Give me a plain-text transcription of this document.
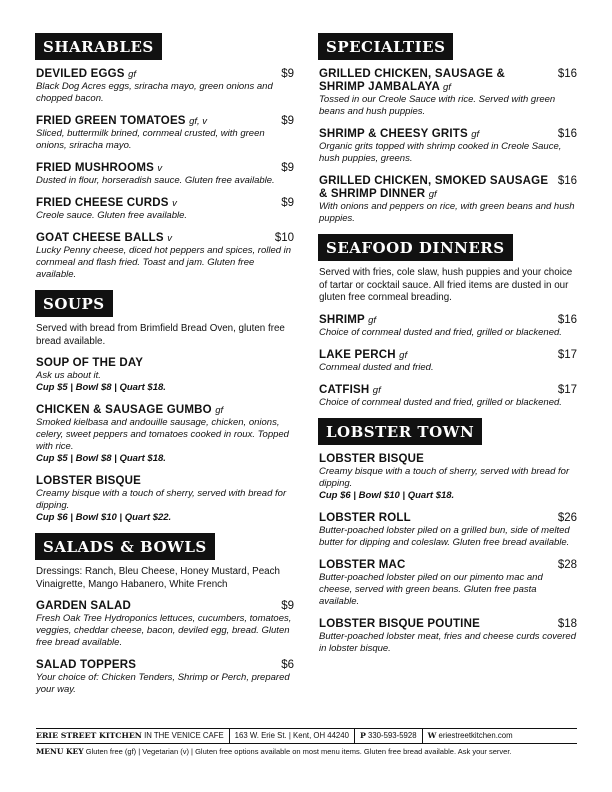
SHARABLES
DEVILED EGGS gf	$9
Black Dog Acres eggs, sriracha mayo, green onions and chopped bacon.
FRIED GREEN TOMATOES gf, v	$9
Sliced, buttermilk brined, cornmeal crusted, with green onions, sriracha mayo.
FRIED MUSHROOMS v	$9
Dusted in flour, horseradish sauce. Gluten free available.
FRIED CHEESE CURDS v	$9
Creole sauce. Gluten free available.
GOAT CHEESE BALLS v	$10
Lucky Penny cheese, diced hot peppers and spices, rolled in cornmeal and flash fried. Toast and jam. Gluten free available.
SOUPS
Served with bread from Brimfield Bread Oven, gluten free bread available.
SOUP OF THE DAY
Ask us about it.
Cup $5 | Bowl $8 | Quart $18.
CHICKEN & SAUSAGE GUMBO gf
Smoked kielbasa and andouille sausage, chicken, onions, celery, sweet peppers and tomatoes cooked in roux. Topped with rice.
Cup $5 | Bowl $8 | Quart $18.
LOBSTER BISQUE
Creamy bisque with a touch of sherry, served with bread for dipping.
Cup $6 | Bowl $10 | Quart $22.
SALADS & BOWLS
Dressings: Ranch, Bleu Cheese, Honey Mustard, Peach Vinaigrette, Mango Habanero, White French
GARDEN SALAD	$9
Fresh Oak Tree Hydroponics lettuces, cucumbers, tomatoes, veggies, cheddar cheese, bacon, deviled egg, bread. Gluten free bread available.
SALAD TOPPERS	$6
Your choice of: Chicken Tenders, Shrimp or Perch, prepared your way.
SPECIALTIES
GRILLED CHICKEN, SAUSAGE & SHRIMP JAMBALAYA gf
$16
Tossed in our Creole Sauce with rice. Served with green beans and hush puppies.
SHRIMP & CHEESY GRITS gf	$16
Organic grits topped with shrimp cooked in Creole Sauce, hush puppies, greens.
GRILLED CHICKEN, SMOKED SAUSAGE & SHRIMP DINNER gf
$16
With onions and peppers on rice, with green beans and hush puppies.
SEAFOOD DINNERS
Served with fries, cole slaw, hush puppies and your choice of tartar or cocktail sauce. All fried items are dusted in our gluten free cornmeal breading.
SHRIMP gf	$16
Choice of cornmeal dusted and fried, grilled or blackened.
LAKE PERCH gf	$17
Cornmeal dusted and fried.
CATFISH gf	$17
Choice of cornmeal dusted and fried, grilled or blackened.
LOBSTER TOWN
LOBSTER BISQUE
Creamy bisque with a touch of sherry, served with bread for dipping.
Cup $6 | Bowl $10 | Quart $18.
LOBSTER ROLL	$26
Butter-poached lobster piled on a grilled bun, side of melted butter for dipping and coleslaw. Gluten free bread available.
LOBSTER MAC	$28
Butter-poached lobster piled on our pimento mac and cheese, served with green beans. Gluten free pasta available.
LOBSTER BISQUE POUTINE	$18
Butter-poached lobster meat, fries and cheese curds covered in lobster bisque.
ERIE STREET KITCHEN IN THE VENICE CAFE	163 W. Erie St. | Kent, OH 44240	P 330-593-5928	W eriestreetkitchen.com
MENU KEY Gluten free (gf) | Vegetarian (v) | Gluten free options available on most menu items. Gluten free bread available. Ask your server.
